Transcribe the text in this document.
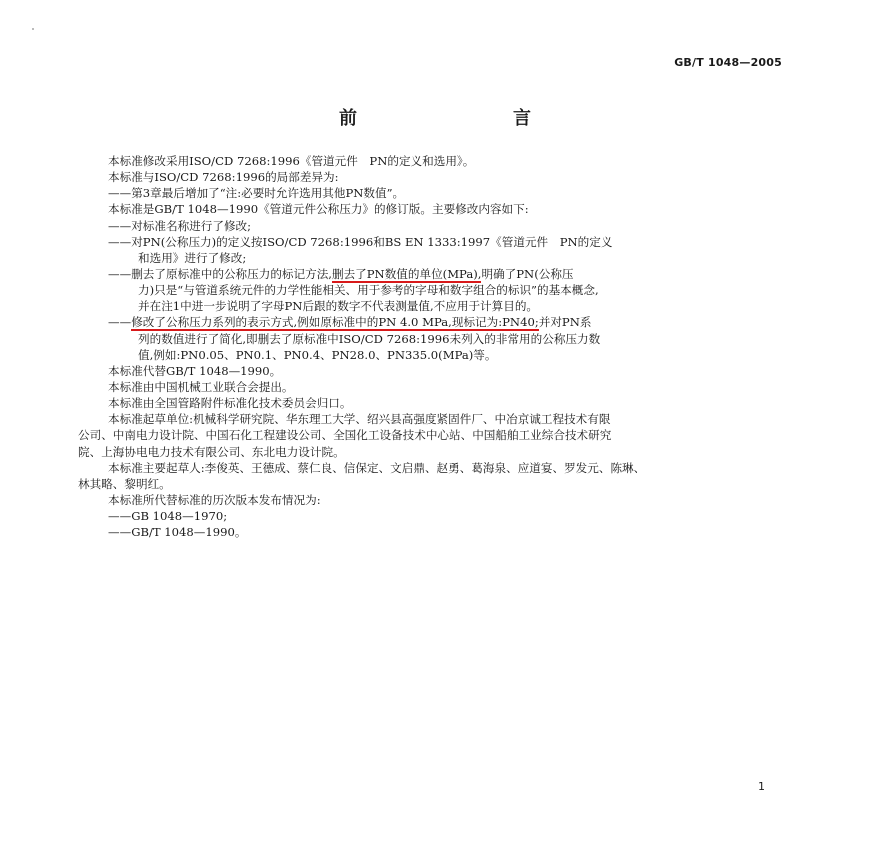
GB/T 1048—2005
前　　言
本标准修改采用ISO/CD 7268:1996《管道元件　PN的定义和选用》。
本标准与ISO/CD 7268:1996的局部差异为:
——第3章最后增加了“注:必要时允许选用其他PN数值”。
本标准是GB/T 1048—1990《管道元件公称压力》的修订版。主要修改内容如下:
——对标准名称进行了修改;
——对PN(公称压力)的定义按ISO/CD 7268:1996和BS EN 1333:1997《管道元件　PN的定义
和选用》进行了修改;
——删去了原标准中的公称压力的标记方法,删去了PN数值的单位(MPa),明确了PN(公称压
力)只是“与管道系统元件的力学性能相关、用于参考的字母和数字组合的标识”的基本概念,
并在注1中进一步说明了字母PN后跟的数字不代表测量值,不应用于计算目的。
——修改了公称压力系列的表示方式,例如原标准中的PN 4.0 MPa,现标记为:PN40;并对PN系
列的数值进行了简化,即删去了原标准中ISO/CD 7268:1996未列入的非常用的公称压力数
值,例如:PN0.05、PN0.1、PN0.4、PN28.0、PN335.0(MPa)等。
本标准代替GB/T 1048—1990。
本标准由中国机械工业联合会提出。
本标准由全国管路附件标准化技术委员会归口。
本标准起草单位:机械科学研究院、华东理工大学、绍兴县高强度紧固件厂、中冶京诚工程技术有限
公司、中南电力设计院、中国石化工程建设公司、全国化工设备技术中心站、中国船舶工业综合技术研究
院、上海协电电力技术有限公司、东北电力设计院。
本标准主要起草人:李俊英、王德成、蔡仁良、信保定、文启鼎、赵勇、葛海泉、应道宴、罗发元、陈琳、
林其略、黎明红。
本标准所代替标准的历次版本发布情况为:
——GB 1048—1970;
——GB/T 1048—1990。
1
